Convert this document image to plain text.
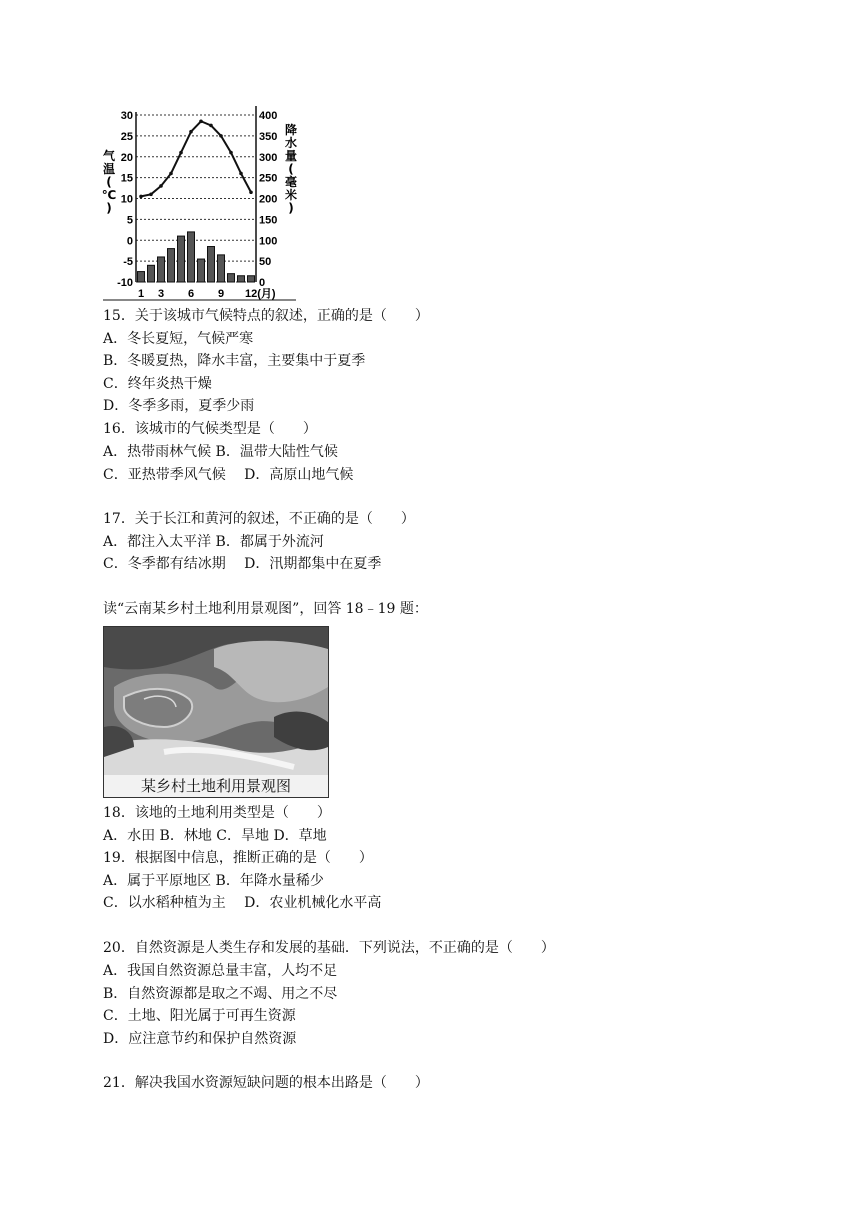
30
25
20
15
10
5
0
-5
-10
400
350
300
250
200
150
100
50
0
1 3 6 9 12(月)
气
温
(
℃
)
降
水
量
(
毫
米
)
15．关于该城市气候特点的叙述，正确的是（　　）
A．冬长夏短，气候严寒
B．冬暖夏热，降水丰富，主要集中于夏季
C．终年炎热干燥
D．冬季多雨，夏季少雨
16．该城市的气候类型是（　　）
A．热带雨林气候 B．温带大陆性气候
C．亚热带季风气候　 D．高原山地气候
17．关于长江和黄河的叙述，不正确的是（　　）
A．都注入太平洋 B．都属于外流河
C．冬季都有结冰期　 D．汛期都集中在夏季
读“云南某乡村土地利用景观图”，回答 18﹣19 题：
某乡村土地利用景观图
18．该地的土地利用类型是（　　）
A．水田 B．林地 C．旱地 D．草地
19．根据图中信息，推断正确的是（　　）
A．属于平原地区 B．年降水量稀少
C．以水稻种植为主　 D．农业机械化水平高
20．自然资源是人类生存和发展的基础．下列说法，不正确的是（　　）
A．我国自然资源总量丰富，人均不足
B．自然资源都是取之不竭、用之不尽
C．土地、阳光属于可再生资源
D．应注意节约和保护自然资源
21．解决我国水资源短缺问题的根本出路是（　　）
